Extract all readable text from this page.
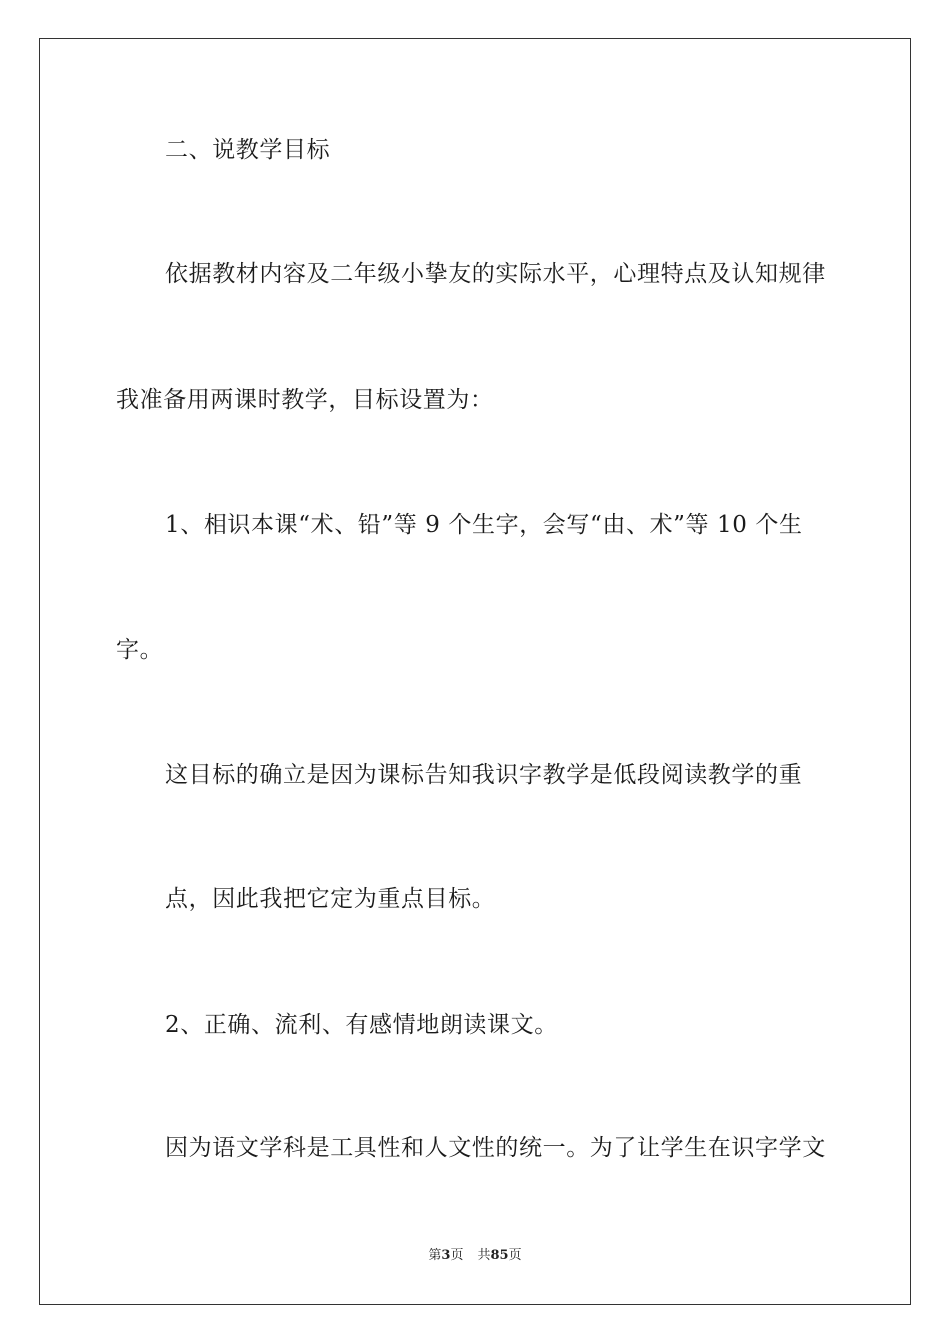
二、说教学目标
依据教材内容及二年级小挚友的实际水平，心理特点及认知规律
我准备用两课时教学，目标设置为：
1、相识本课“术、铅”等 9 个生字，会写“由、术”等 10 个生
字。
这目标的确立是因为课标告知我识字教学是低段阅读教学的重
点，因此我把它定为重点目标。
2、正确、流利、有感情地朗读课文。
因为语文学科是工具性和人文性的统一。为了让学生在识字学文
第3页 共85页
